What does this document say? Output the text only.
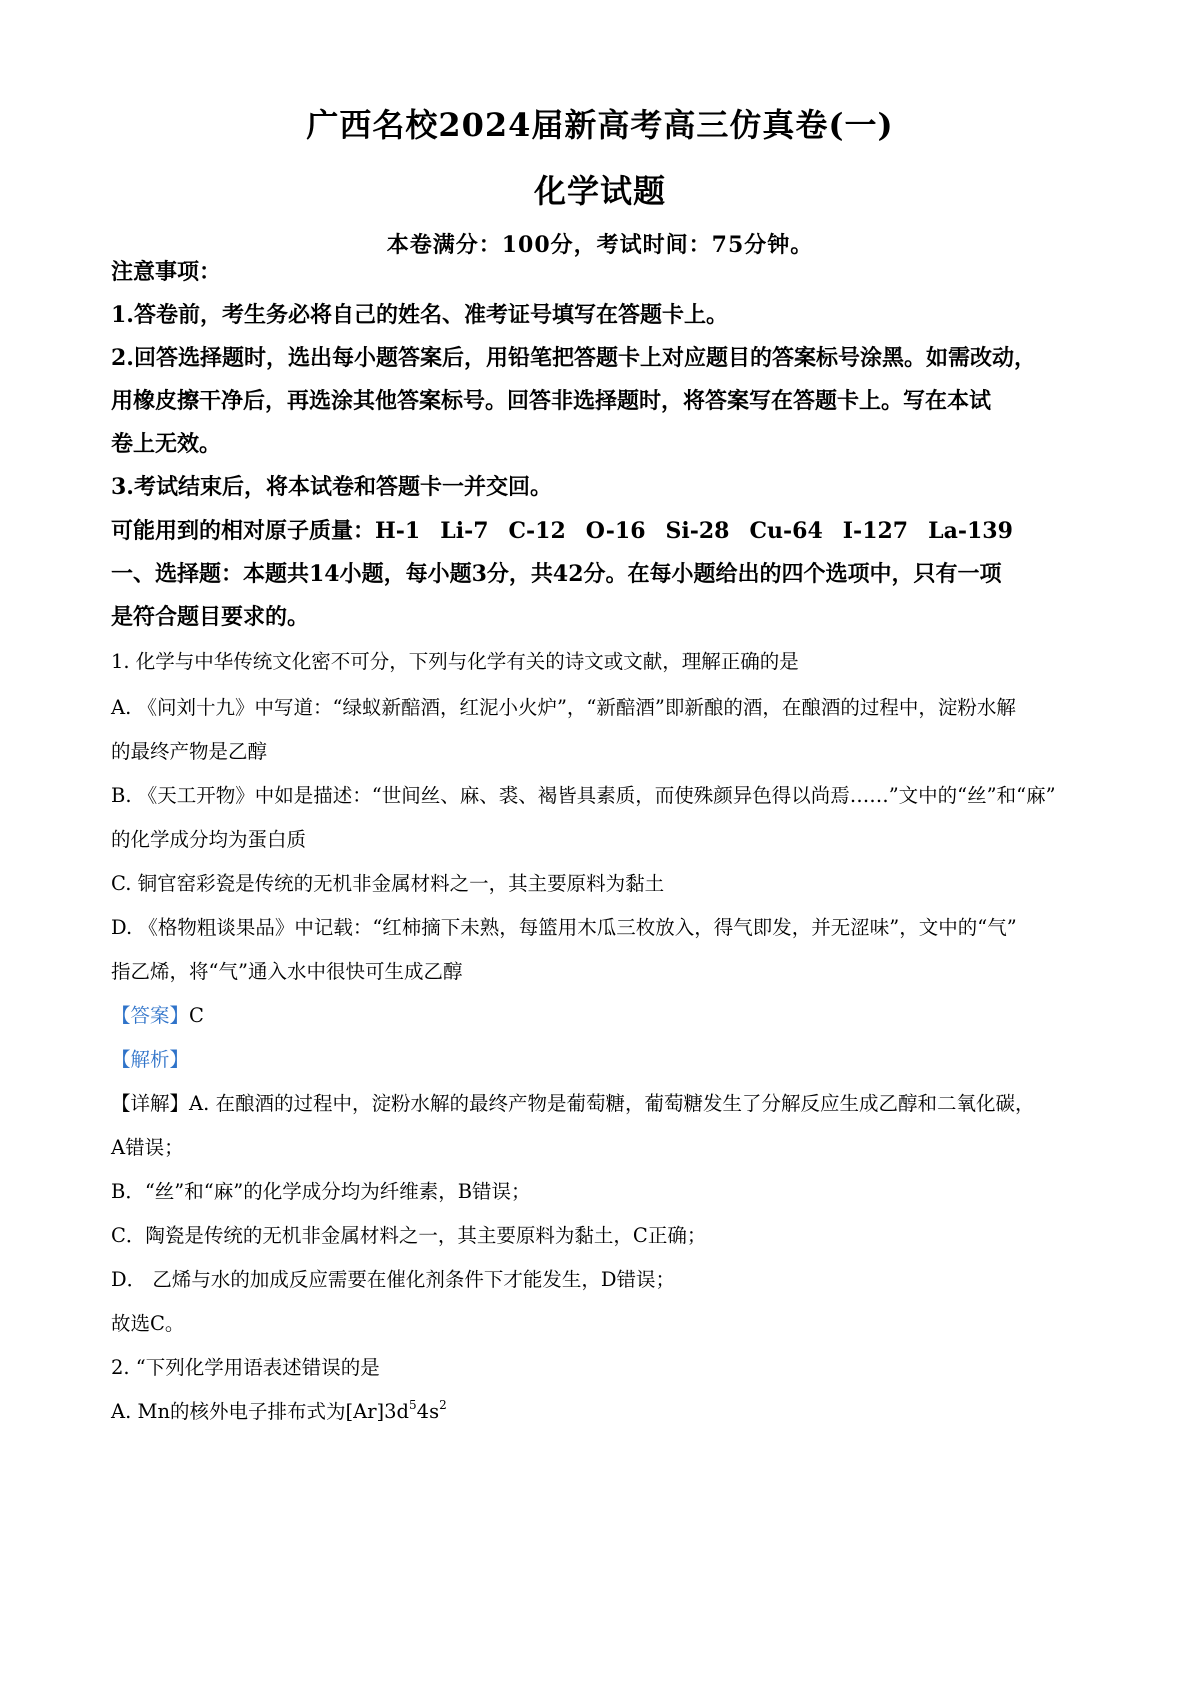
广西名校2024届新高考高三仿真卷(一)
化学试题
本卷满分：100分，考试时间：75分钟。
注意事项：
1.答卷前，考生务必将自己的姓名、准考证号填写在答题卡上。
2.回答选择题时，选出每小题答案后，用铅笔把答题卡上对应题目的答案标号涂黑。如需改动，
用橡皮擦干净后，再选涂其他答案标号。回答非选择题时，将答案写在答题卡上。写在本试
卷上无效。
3.考试结束后，将本试卷和答题卡一并交回。
可能用到的相对原子质量：H-1 Li-7 C-12 O-16 Si-28 Cu-64 I-127 La-139
一、选择题：本题共14小题，每小题3分，共42分。在每小题给出的四个选项中，只有一项
是符合题目要求的。
1. 化学与中华传统文化密不可分，下列与化学有关的诗文或文献，理解正确的是
A. 《问刘十九》中写道：“绿蚁新醅酒，红泥小火炉”，“新醅酒”即新酿的酒，在酿酒的过程中，淀粉水解
的最终产物是乙醇
B. 《天工开物》中如是描述：“世间丝、麻、裘、褐皆具素质，而使殊颜异色得以尚焉……”文中的“丝”和“麻”
的化学成分均为蛋白质
C. 铜官窑彩瓷是传统的无机非金属材料之一，其主要原料为黏土
D. 《格物粗谈果品》中记载：“红柿摘下未熟，每篮用木瓜三枚放入，得气即发，并无涩味”，文中的“气”
指乙烯，将“气”通入水中很快可生成乙醇
【答案】C
【解析】
【详解】A. 在酿酒的过程中，淀粉水解的最终产物是葡萄糖，葡萄糖发生了分解反应生成乙醇和二氧化碳，
A错误；
B．“丝”和“麻”的化学成分均为纤维素，B错误；
C．陶瓷是传统的无机非金属材料之一，其主要原料为黏土，C正确；
D． 乙烯与水的加成反应需要在催化剂条件下才能发生，D错误；
故选C。
2. “下列化学用语表述错误的是
A. Mn的核外电子排布式为$[Ar]3d^54s^2$
